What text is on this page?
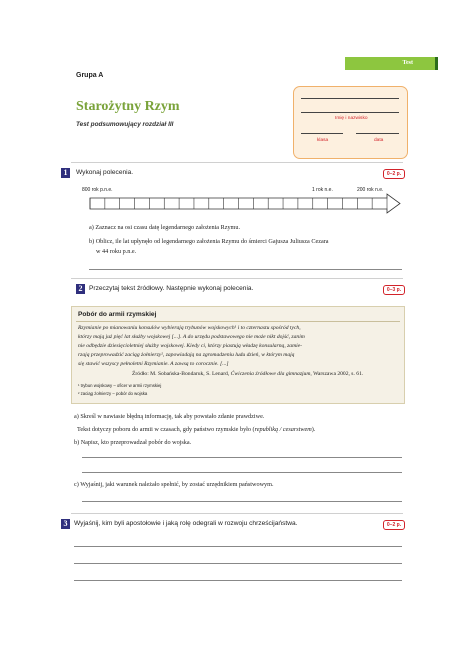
Test
Grupa A
Starożytny Rzym
Test podsumowujący rozdział III
Imię i nazwisko
klasa	data
1	Wykonaj polecenia.	0–2 p.
800 rok p.n.e.	1 rok n.e.	200 rok n.e.
a) Zaznacz na osi czasu datę legendarnego założenia Rzymu.
b) Oblicz, ile lat upłynęło od legendarnego założenia Rzymu do śmierci Gajusza Juliusza Cezara
w 44 roku p.n.e.
2 Przeczytaj tekst źródłowy. Następnie wykonaj polecenia.	0–3 p.
Pobór do armii rzymskiej
Rzymianie po mianowaniu konsulów wybierają trybunów wojskowych¹ i to czternastu spośród tych,
którzy mają już pięć lat służby wojskowej [...]. A do urzędu podstawowego nie może nikt dojść, zanim
nie odbędzie dziesięcioletniej służby wojskowej. Kiedy ci, którzy piastują władzę konsularną, zamie-
rzają przeprowadzić zaciąg żołnierzy², zapowiadają na zgromadzeniu ludu dzień, w którym mają
się stawić wszyscy pełnoletni Rzymianie. A zawsą to corocznie. [...]
Źródło: M. Sobańska-Bondaruk, S. Lenard, Ćwiczenia źródłowe dla gimnazjum, Warszawa 2002, s. 61.
¹ trybun wojskowy – oficer w armii rzymskiej
² zaciąg żołnierzy – pobór do wojska
a) Skreśl w nawiasie błędną informację, tak aby powstało zdanie prawdziwe.
Tekst dotyczy poboru do armii w czasach, gdy państwo rzymskie było (republiką / cesarstwem).
b) Napisz, kto przeprowadzał pobór do wojska.
c) Wyjaśnij, jaki warunek należało spełnić, by zostać urzędnikiem państwowym.
3 Wyjaśnij, kim byli apostołowie i jaką rolę odegrali w rozwoju chrześcijaństwa.	0–2 p.
